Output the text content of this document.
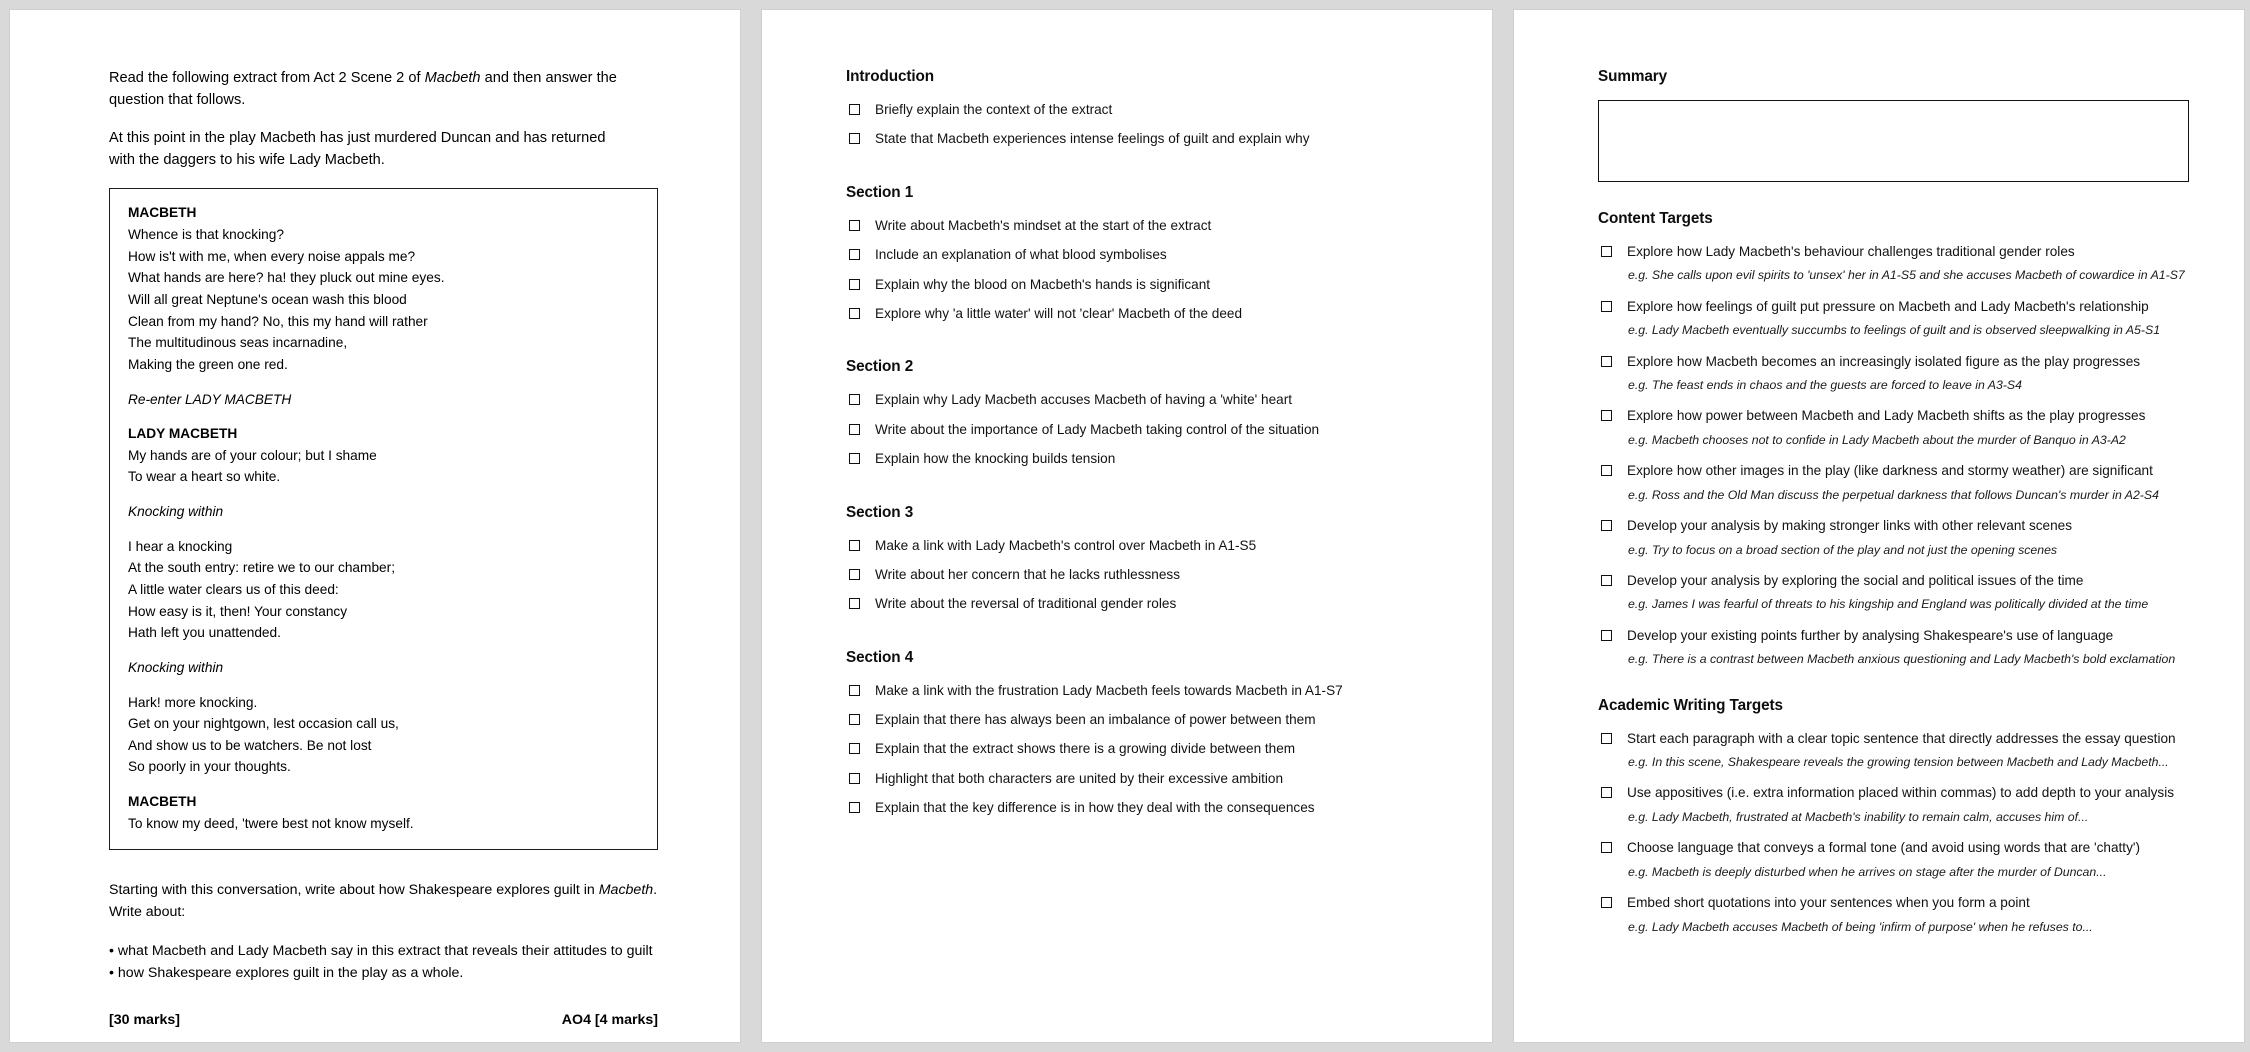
Read the following extract from Act 2 Scene 2 of Macbeth and then answer the question that follows.

At this point in the play Macbeth has just murdered Duncan and has returned with the daggers to his wife Lady Macbeth.

MACBETH

Whence is that knocking?

How is't with me, when every noise appals me?

What hands are here? ha! they pluck out mine eyes.

Will all great Neptune's ocean wash this blood

Clean from my hand? No, this my hand will rather

The multitudinous seas incarnadine,

Making the green one red.

Re-enter LADY MACBETH

LADY MACBETH

My hands are of your colour; but I shame

To wear a heart so white.

Knocking within

I hear a knocking

At the south entry: retire we to our chamber;

A little water clears us of this deed:

How easy is it, then! Your constancy

Hath left you unattended.

Knocking within

Hark! more knocking.

Get on your nightgown, lest occasion call us,

And show us to be watchers. Be not lost

So poorly in your thoughts.

MACBETH

To know my deed, 'twere best not know myself.

Starting with this conversation, write about how Shakespeare explores guilt in Macbeth.
Write about:
• what Macbeth and Lady Macbeth say in this extract that reveals their attitudes to guilt
• how Shakespeare explores guilt in the play as a whole.
[30 marks]	AO4 [4 marks]
Introduction
Briefly explain the context of the extract
State that Macbeth experiences intense feelings of guilt and explain why
Section 1
Write about Macbeth's mindset at the start of the extract
Include an explanation of what blood symbolises
Explain why the blood on Macbeth's hands is significant
Explore why 'a little water' will not 'clear' Macbeth of the deed
Section 2
Explain why Lady Macbeth accuses Macbeth of having a 'white' heart
Write about the importance of Lady Macbeth taking control of the situation
Explain how the knocking builds tension
Section 3
Make a link with Lady Macbeth's control over Macbeth in A1-S5
Write about her concern that he lacks ruthlessness
Write about the reversal of traditional gender roles
Section 4
Make a link with the frustration Lady Macbeth feels towards Macbeth in A1-S7
Explain that there has always been an imbalance of power between them
Explain that the extract shows there is a growing divide between them
Highlight that both characters are united by their excessive ambition
Explain that the key difference is in how they deal with the consequences
Summary
Content Targets
Explore how Lady Macbeth's behaviour challenges traditional gender roles
e.g. She calls upon evil spirits to 'unsex' her in A1-S5 and she accuses Macbeth of cowardice in A1-S7
Explore how feelings of guilt put pressure on Macbeth and Lady Macbeth's relationship
e.g. Lady Macbeth eventually succumbs to feelings of guilt and is observed sleepwalking in A5-S1
Explore how Macbeth becomes an increasingly isolated figure as the play progresses
e.g. The feast ends in chaos and the guests are forced to leave in A3-S4
Explore how power between Macbeth and Lady Macbeth shifts as the play progresses
e.g. Macbeth chooses not to confide in Lady Macbeth about the murder of Banquo in A3-A2
Explore how other images in the play (like darkness and stormy weather) are significant
e.g. Ross and the Old Man discuss the perpetual darkness that follows Duncan's murder in A2-S4
Develop your analysis by making stronger links with other relevant scenes
e.g. Try to focus on a broad section of the play and not just the opening scenes
Develop your analysis by exploring the social and political issues of the time
e.g. James I was fearful of threats to his kingship and England was politically divided at the time
Develop your existing points further by analysing Shakespeare's use of language
e.g. There is a contrast between Macbeth anxious questioning and Lady Macbeth's bold exclamation
Academic Writing Targets
Start each paragraph with a clear topic sentence that directly addresses the essay question
e.g. In this scene, Shakespeare reveals the growing tension between Macbeth and Lady Macbeth...
Use appositives (i.e. extra information placed within commas) to add depth to your analysis
e.g. Lady Macbeth, frustrated at Macbeth's inability to remain calm, accuses him of...
Choose language that conveys a formal tone (and avoid using words that are 'chatty')
e.g. Macbeth is deeply disturbed when he arrives on stage after the murder of Duncan...
Embed short quotations into your sentences when you form a point
e.g. Lady Macbeth accuses Macbeth of being 'infirm of purpose' when he refuses to...
